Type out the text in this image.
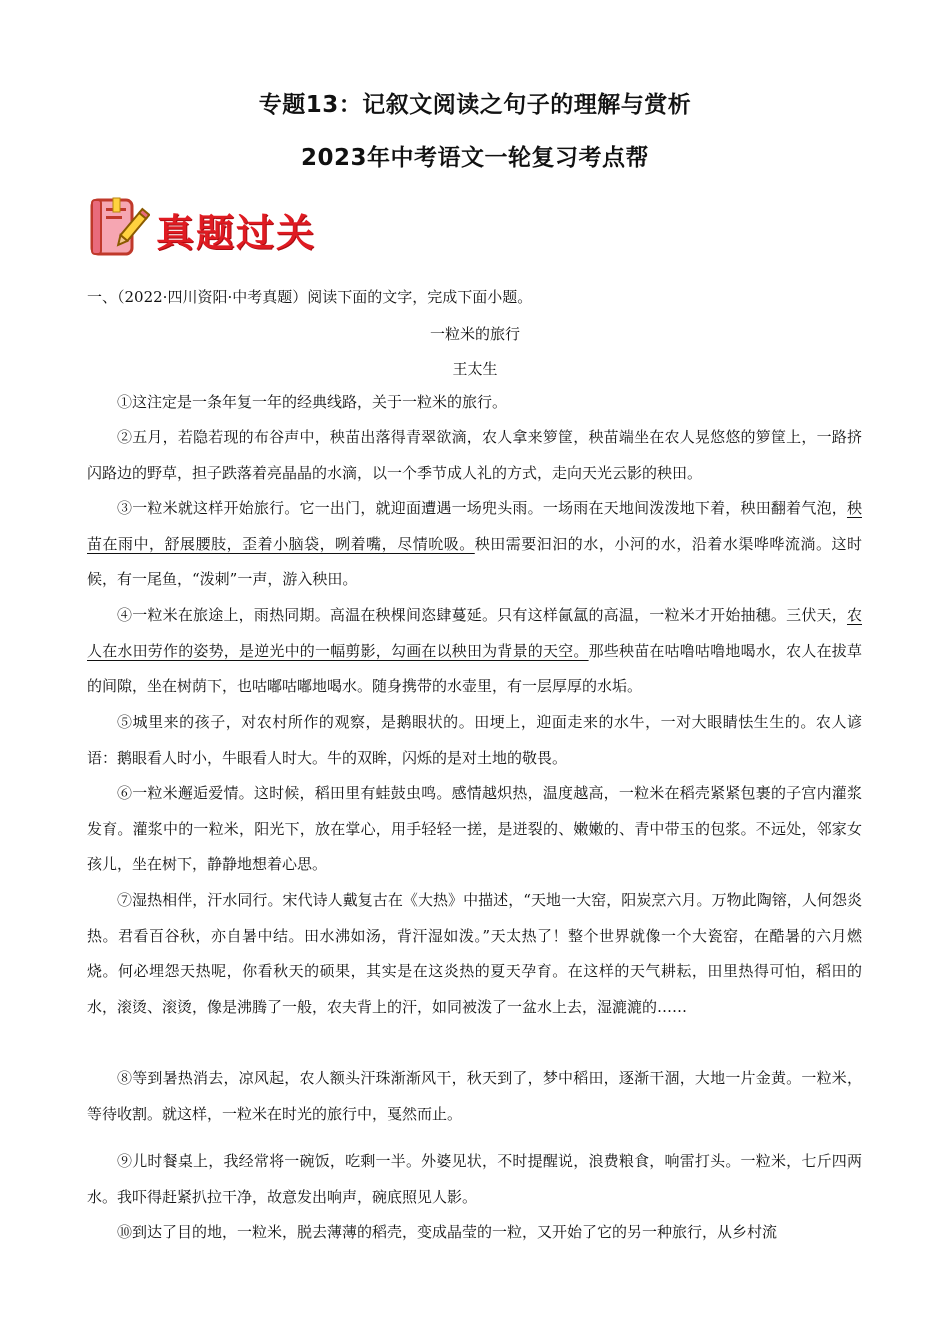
专题13：记叙文阅读之句子的理解与赏析
2023年中考语文一轮复习考点帮
真题过关
一、（2022·四川资阳·中考真题）阅读下面的文字，完成下面小题。
一粒米的旅行
王太生

①这注定是一条年复一年的经典线路，关于一粒米的旅行。

②五月，若隐若现的布谷声中，秧苗出落得青翠欲滴，农人拿来箩筐，秧苗端坐在农人晃悠悠的箩筐上，一路挤闪路边的野草，担子跌落着亮晶晶的水滴，以一个季节成人礼的方式，走向天光云影的秧田。

③一粒米就这样开始旅行。它一出门，就迎面遭遇一场兜头雨。一场雨在天地间泼泼地下着，秧田翻着气泡，秧苗在雨中，舒展腰肢，歪着小脑袋，咧着嘴，尽情吮吸。秧田需要汩汩的水，小河的水，沿着水渠哗哗流淌。这时候，有一尾鱼，“泼刺”一声，游入秧田。

④一粒米在旅途上，雨热同期。高温在秧棵间恣肆蔓延。只有这样氤氲的高温，一粒米才开始抽穗。三伏天，农人在水田劳作的姿势，是逆光中的一幅剪影，勾画在以秧田为背景的天空。那些秧苗在咕噜咕噜地喝水，农人在拔草的间隙，坐在树荫下，也咕嘟咕嘟地喝水。随身携带的水壶里，有一层厚厚的水垢。

⑤城里来的孩子，对农村所作的观察，是鹅眼状的。田埂上，迎面走来的水牛，一对大眼睛怯生生的。农人谚语：鹅眼看人时小，牛眼看人时大。牛的双眸，闪烁的是对土地的敬畏。

⑥一粒米邂逅爱情。这时候，稻田里有蛙鼓虫鸣。感情越炽热，温度越高，一粒米在稻壳紧紧包裹的子宫内灌浆发育。灌浆中的一粒米，阳光下，放在掌心，用手轻轻一搓，是迸裂的、嫩嫩的、青中带玉的包浆。不远处，邻家女孩儿，坐在树下，静静地想着心思。

⑦湿热相伴，汗水同行。宋代诗人戴复古在《大热》中描述，“天地一大窑，阳炭烹六月。万物此陶镕，人何怨炎热。君看百谷秋，亦自暑中结。田水沸如汤，背汗湿如泼。”天太热了！整个世界就像一个大瓷窑，在酷暑的六月燃烧。何必埋怨天热呢，你看秋天的硕果，其实是在这炎热的夏天孕育。在这样的天气耕耘，田里热得可怕，稻田的水，滚烫、滚烫，像是沸腾了一般，农夫背上的汗，如同被泼了一盆水上去，湿漉漉的……

⑧等到暑热消去，凉风起，农人额头汗珠渐渐风干，秋天到了，梦中稻田，逐渐干涸，大地一片金黄。一粒米，等待收割。就这样，一粒米在时光的旅行中，戛然而止。

⑨儿时餐桌上，我经常将一碗饭，吃剩一半。外婆见状，不时提醒说，浪费粮食，响雷打头。一粒米，七斤四两水。我吓得赶紧扒拉干净，故意发出响声，碗底照见人影。

⑩到达了目的地，一粒米，脱去薄薄的稻壳，变成晶莹的一粒，又开始了它的另一种旅行，从乡村流
